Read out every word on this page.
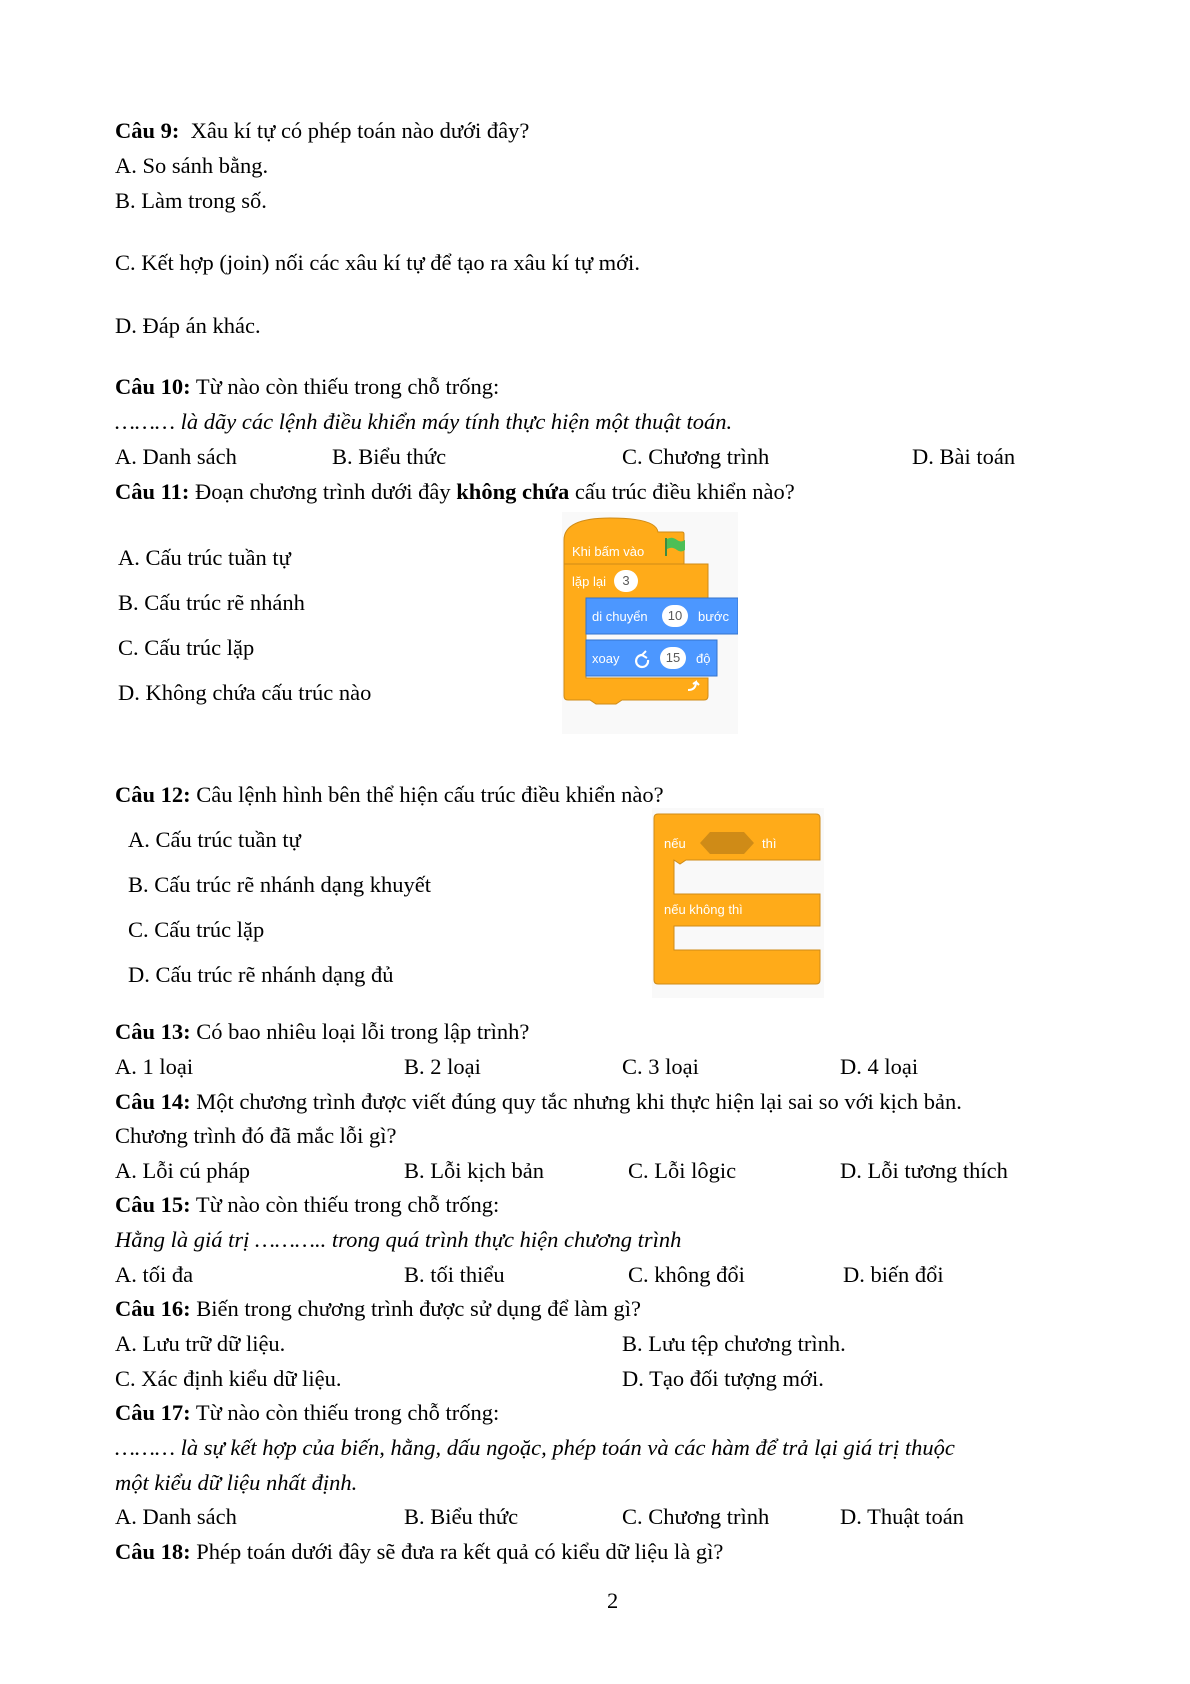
Câu 9: Xâu kí tự có phép toán nào dưới đây?
A. So sánh bằng.
B. Làm trong số.
C. Kết hợp (join) nối các xâu kí tự để tạo ra xâu kí tự mới.
D. Đáp án khác.
Câu 10: Từ nào còn thiếu trong chỗ trống:
……… là dãy các lệnh điều khiển máy tính thực hiện một thuật toán.
A. Danh sách	B. Biểu thức	C. Chương trình	D. Bài toán
Câu 11: Đoạn chương trình dưới đây không chứa cấu trúc điều khiển nào?
A. Cấu trúc tuần tự
B. Cấu trúc rẽ nhánh
C. Cấu trúc lặp
D. Không chứa cấu trúc nào
Khi bấm vào
lặp lại	3
di chuyển	10	bước
xoay	15	độ
Câu 12: Câu lệnh hình bên thể hiện cấu trúc điều khiển nào?
A. Cấu trúc tuần tự
B. Cấu trúc rẽ nhánh dạng khuyết
C. Cấu trúc lặp
D. Cấu trúc rẽ nhánh dạng đủ
nếu	thì
nếu không thì
Câu 13: Có bao nhiêu loại lỗi trong lập trình?
A. 1 loại	B. 2 loại	C. 3 loại	D. 4 loại
Câu 14: Một chương trình được viết đúng quy tắc nhưng khi thực hiện lại sai so với kịch bản.
Chương trình đó đã mắc lỗi gì?
A. Lỗi cú pháp	B. Lỗi kịch bản	C. Lỗi lôgic	D. Lỗi tương thích
Câu 15: Từ nào còn thiếu trong chỗ trống:
Hằng là giá trị ……….. trong quá trình thực hiện chương trình
A. tối đa	B. tối thiểu	C. không đổi	D. biến đổi
Câu 16: Biến trong chương trình được sử dụng để làm gì?
A. Lưu trữ dữ liệu.	B. Lưu tệp chương trình.
C. Xác định kiểu dữ liệu.	D. Tạo đối tượng mới.
Câu 17: Từ nào còn thiếu trong chỗ trống:
……… là sự kết hợp của biến, hằng, dấu ngoặc, phép toán và các hàm để trả lại giá trị thuộc
một kiểu dữ liệu nhất định.
A. Danh sách	B. Biểu thức	C. Chương trình	D. Thuật toán
Câu 18: Phép toán dưới đây sẽ đưa ra kết quả có kiểu dữ liệu là gì?
2
